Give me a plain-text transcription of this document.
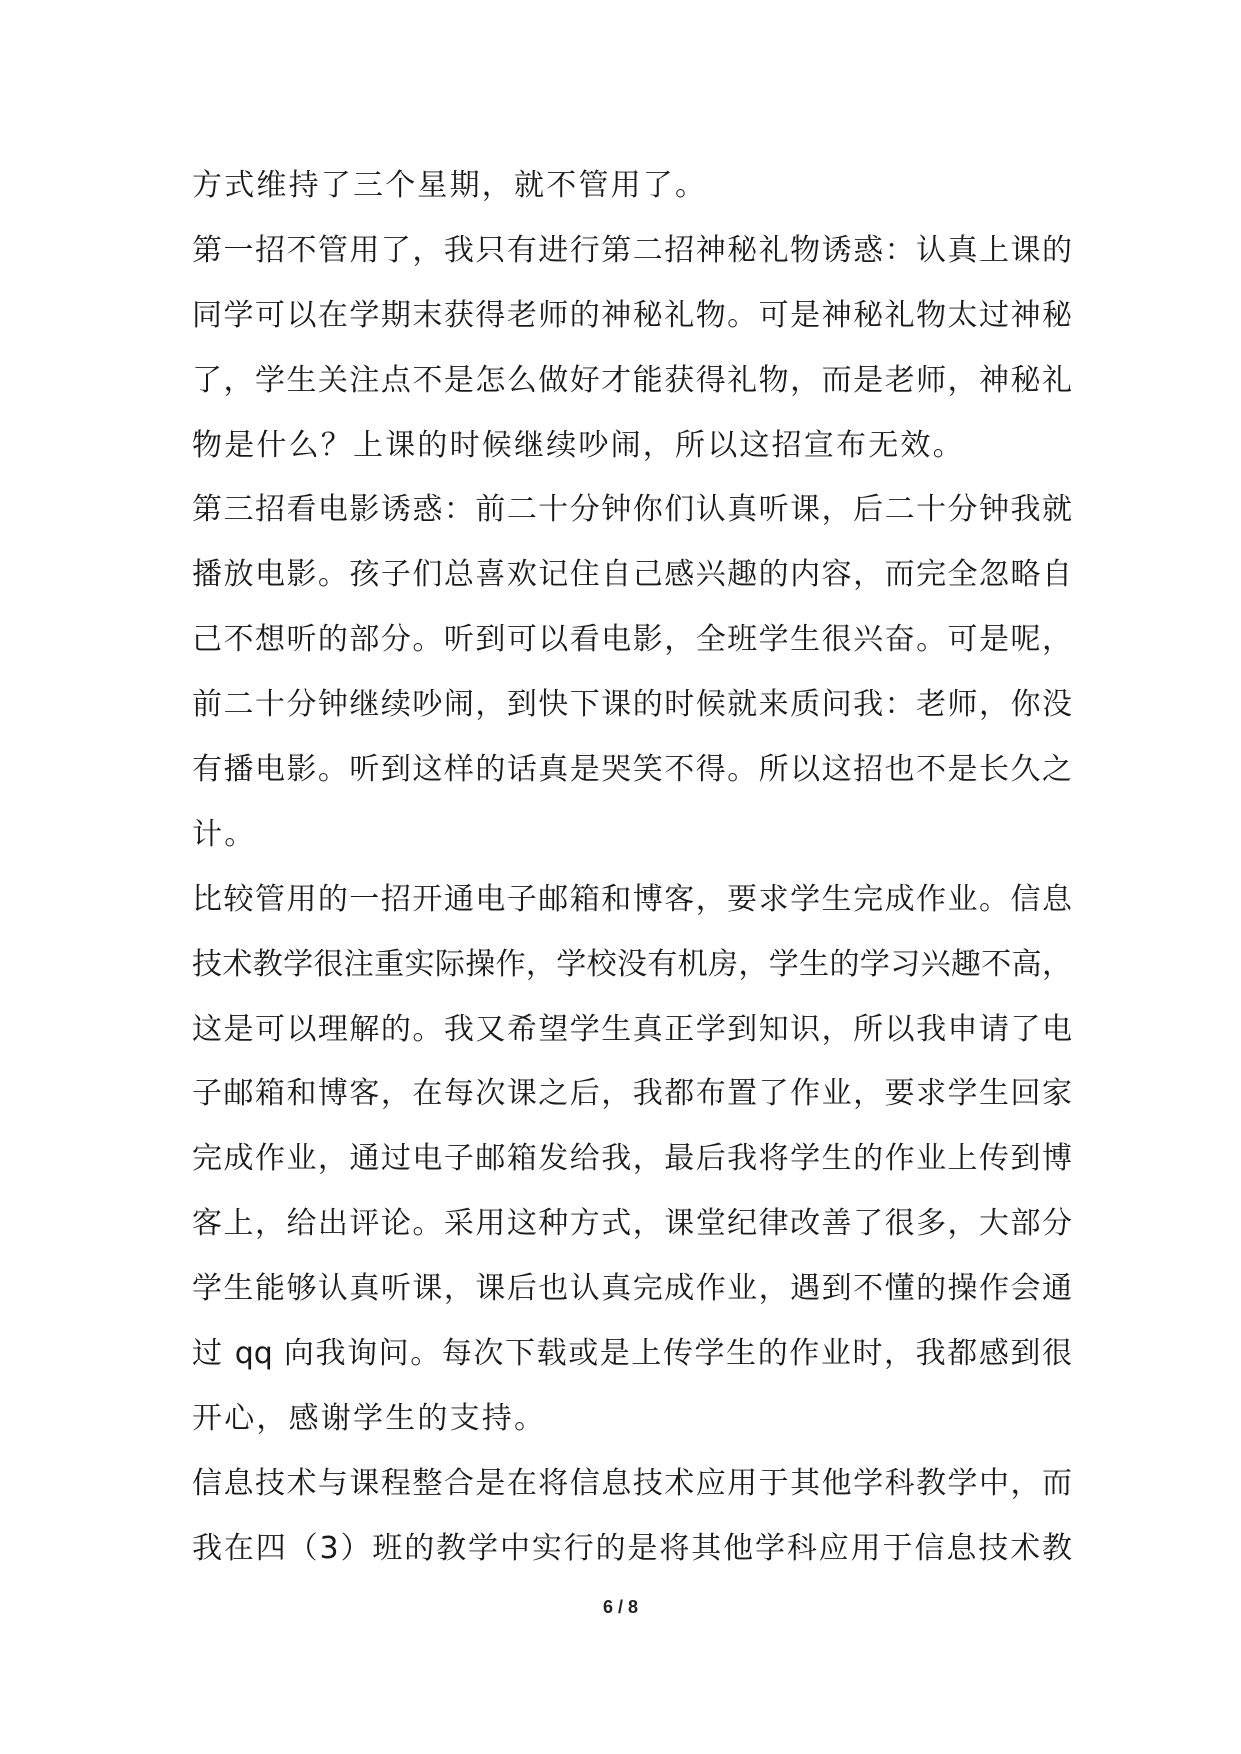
方式维持了三个星期，就不管用了。
第一招不管用了，我只有进行第二招神秘礼物诱惑：认真上课的
同学可以在学期末获得老师的神秘礼物。可是神秘礼物太过神秘
了，学生关注点不是怎么做好才能获得礼物，而是老师，神秘礼
物是什么？上课的时候继续吵闹，所以这招宣布无效。
第三招看电影诱惑：前二十分钟你们认真听课，后二十分钟我就
播放电影。孩子们总喜欢记住自己感兴趣的内容，而完全忽略自
己不想听的部分。听到可以看电影，全班学生很兴奋。可是呢，
前二十分钟继续吵闹，到快下课的时候就来质问我：老师，你没
有播电影。听到这样的话真是哭笑不得。所以这招也不是长久之
计。
比较管用的一招开通电子邮箱和博客，要求学生完成作业。信息
技术教学很注重实际操作，学校没有机房，学生的学习兴趣不高，
这是可以理解的。我又希望学生真正学到知识，所以我申请了电
子邮箱和博客，在每次课之后，我都布置了作业，要求学生回家
完成作业，通过电子邮箱发给我，最后我将学生的作业上传到博
客上，给出评论。采用这种方式，课堂纪律改善了很多，大部分
学生能够认真听课，课后也认真完成作业，遇到不懂的操作会通
过 qq 向我询问。每次下载或是上传学生的作业时，我都感到很
开心，感谢学生的支持。
信息技术与课程整合是在将信息技术应用于其他学科教学中，而
我在四（3）班的教学中实行的是将其他学科应用于信息技术教
6 / 8
